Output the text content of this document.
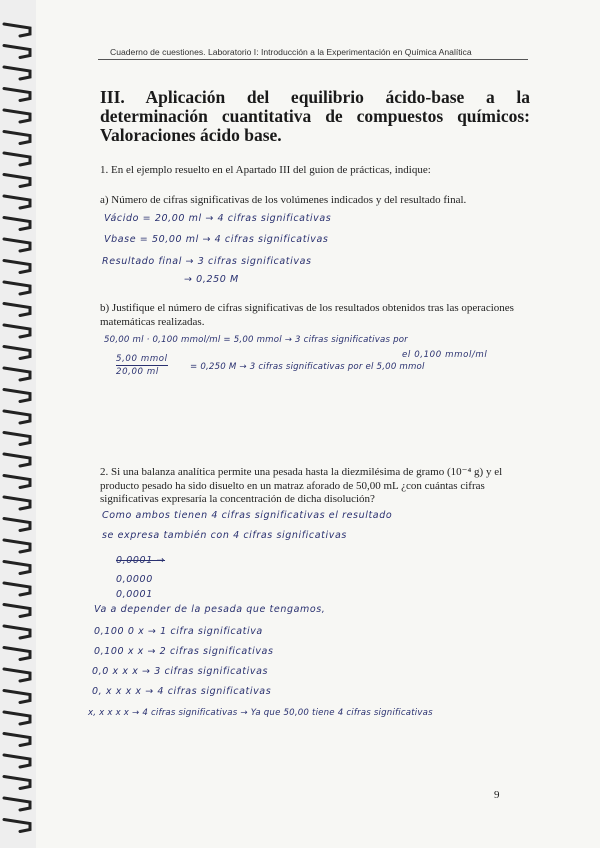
Cuaderno de cuestiones. Laboratorio I: Introducción a la Experimentación en Química Analítica
III. Aplicación del equilibrio ácido-base a la determinación cuantitativa de compuestos químicos: Valoraciones ácido base.
1. En el ejemplo resuelto en el Apartado III del guion de prácticas, indique:
a) Número de cifras significativas de los volúmenes indicados y del resultado final.
Vácido = 20,00 ml → 4 cifras significativas
Vbase = 50,00 ml → 4 cifras significativas
Resultado final → 3 cifras significativas
→ 0,250 M
b) Justifique el número de cifras significativas de los resultados obtenidos tras las operaciones matemáticas realizadas.
50,00 ml · 0,100 mmol/ml = 5,00 mmol → 3 cifras significativas por
el 0,100 mmol/ml
5,00 mmol
20,00 ml	= 0,250 M → 3 cifras significativas por el 5,00 mmol
2. Si una balanza analítica permite una pesada hasta la diezmilésima de gramo (10⁻⁴ g) y el producto pesado ha sido disuelto en un matraz aforado de 50,00 mL ¿con cuántas cifras significativas expresaría la concentración de dicha disolución?
Como ambos tienen 4 cifras significativas el resultado
se expresa también con 4 cifras significativas
0,0001 →
0,0000
0,0001
Va a depender de la pesada que tengamos,
0,100 0 x → 1 cifra significativa
0,100 x x → 2 cifras significativas
0,0 x x x → 3 cifras significativas
0, x x x x → 4 cifras significativas
x, x x x x → 4 cifras significativas → Ya que 50,00 tiene 4 cifras significativas
9
